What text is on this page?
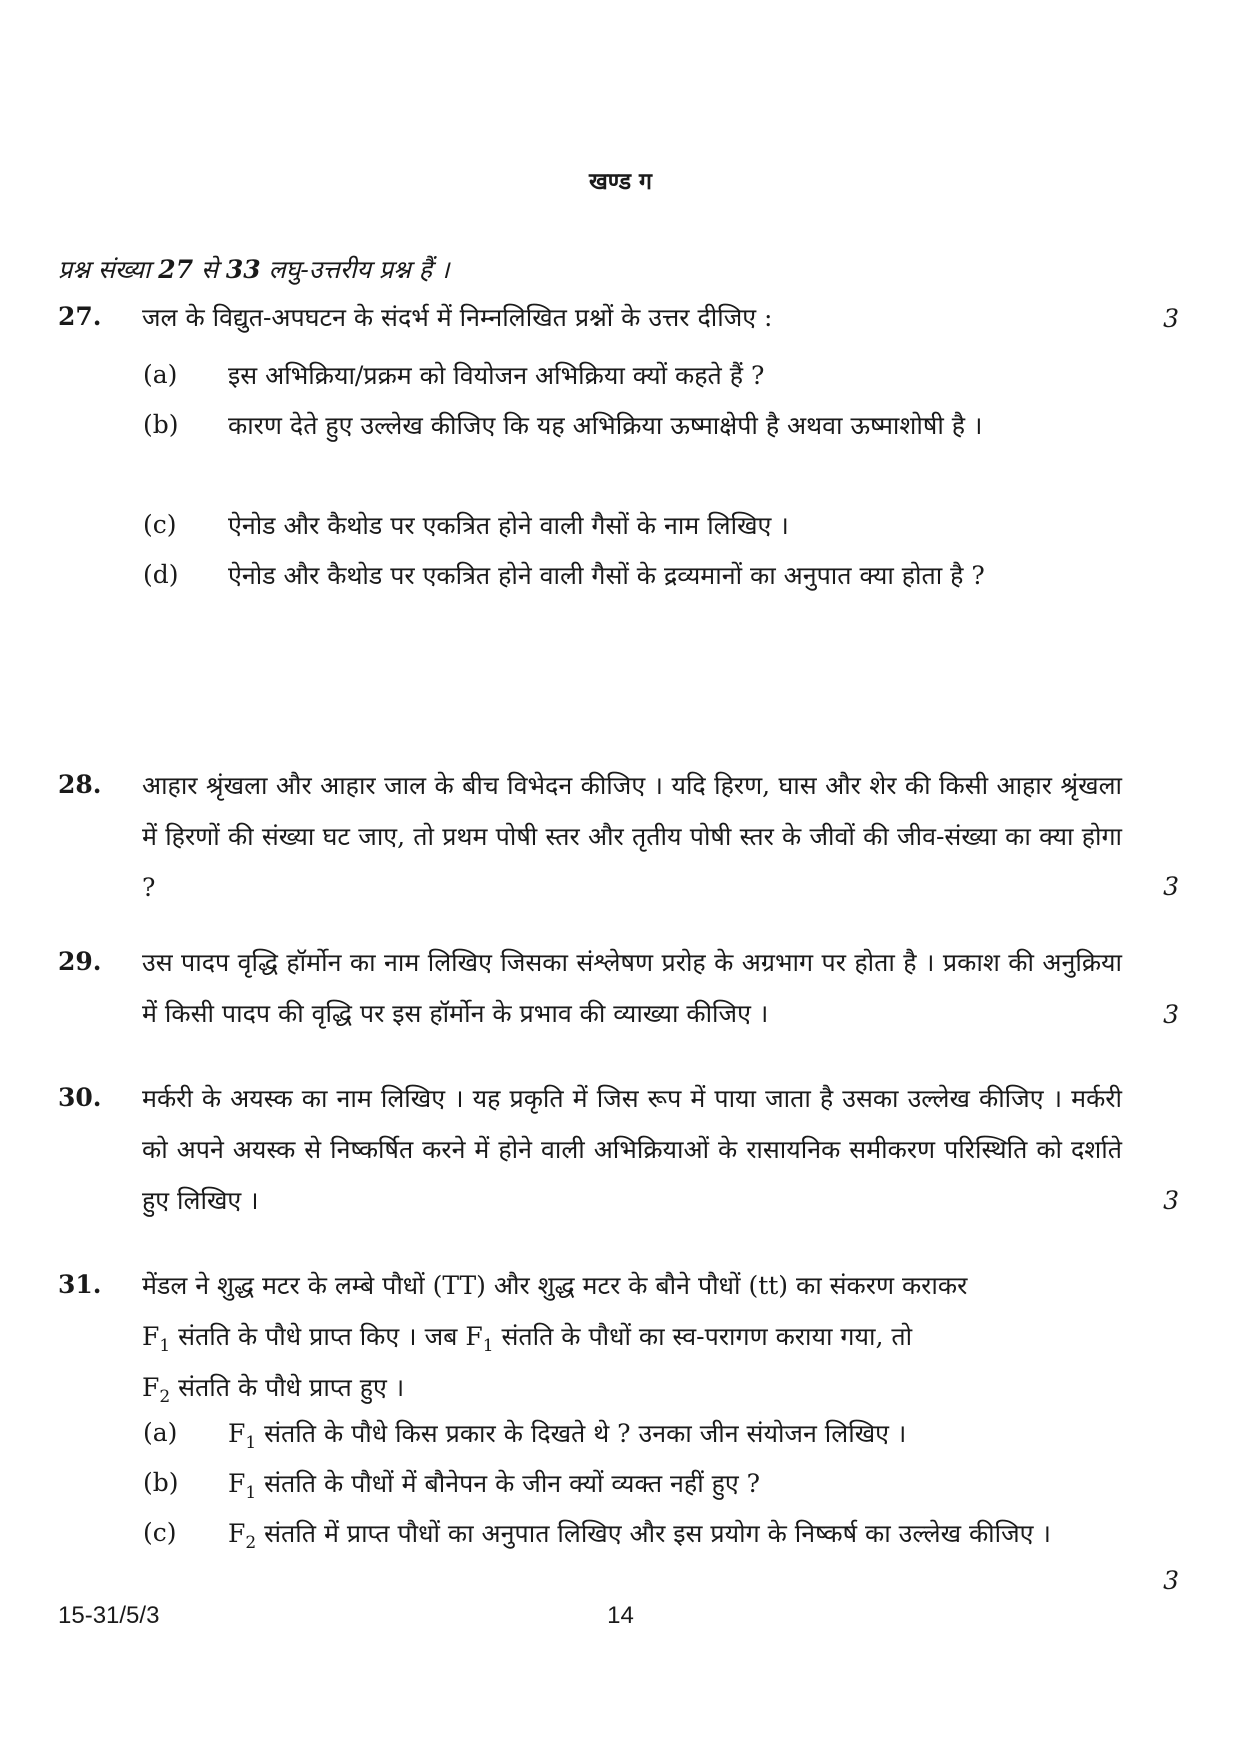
खण्ड ग
प्रश्न संख्या 27 से 33 लघु-उत्तरीय प्रश्न हैं ।
27. जल के विद्युत-अपघटन के संदर्भ में निम्नलिखित प्रश्नों के उत्तर दीजिए :	3
(a) इस अभिक्रिया/प्रक्रम को वियोजन अभिक्रिया क्यों कहते हैं ?
(b) कारण देते हुए उल्लेख कीजिए कि यह अभिक्रिया ऊष्माक्षेपी है अथवा ऊष्माशोषी है ।
(c) ऐनोड और कैथोड पर एकत्रित होने वाली गैसों के नाम लिखिए ।
(d) ऐनोड और कैथोड पर एकत्रित होने वाली गैसों के द्रव्यमानों का अनुपात क्या होता है ?
28. आहार श्रृंखला और आहार जाल के बीच विभेदन कीजिए । यदि हिरण, घास और शेर की किसी आहार श्रृंखला में हिरणों की संख्या घट जाए, तो प्रथम पोषी स्तर और तृतीय पोषी स्तर के जीवों की जीव-संख्या का क्या होगा ?	3
29. उस पादप वृद्धि हॉर्मोन का नाम लिखिए जिसका संश्लेषण प्ररोह के अग्रभाग पर होता है । प्रकाश की अनुक्रिया में किसी पादप की वृद्धि पर इस हॉर्मोन के प्रभाव की व्याख्या कीजिए ।	3
30. मर्करी के अयस्क का नाम लिखिए । यह प्रकृति में जिस रूप में पाया जाता है उसका उल्लेख कीजिए । मर्करी को अपने अयस्क से निष्कर्षित करने में होने वाली अभिक्रियाओं के रासायनिक समीकरण परिस्थिति को दर्शाते हुए लिखिए ।	3
31. मेंडल ने शुद्ध मटर के लम्बे पौधों (TT) और शुद्ध मटर के बौने पौधों (tt) का संकरण कराकर
$F_1$ संतति के पौधे प्राप्त किए । जब $F_1$ संतति के पौधों का स्व-परागण कराया गया, तो
$F_2$ संतति के पौधे प्राप्त हुए ।
(a) $F_1$ संतति के पौधे किस प्रकार के दिखते थे ? उनका जीन संयोजन लिखिए ।
(b) $F_1$ संतति के पौधों में बौनेपन के जीन क्यों व्यक्त नहीं हुए ?
(c) $F_2$ संतति में प्राप्त पौधों का अनुपात लिखिए और इस प्रयोग के निष्कर्ष का उल्लेख कीजिए ।
3
15-31/5/3	14
